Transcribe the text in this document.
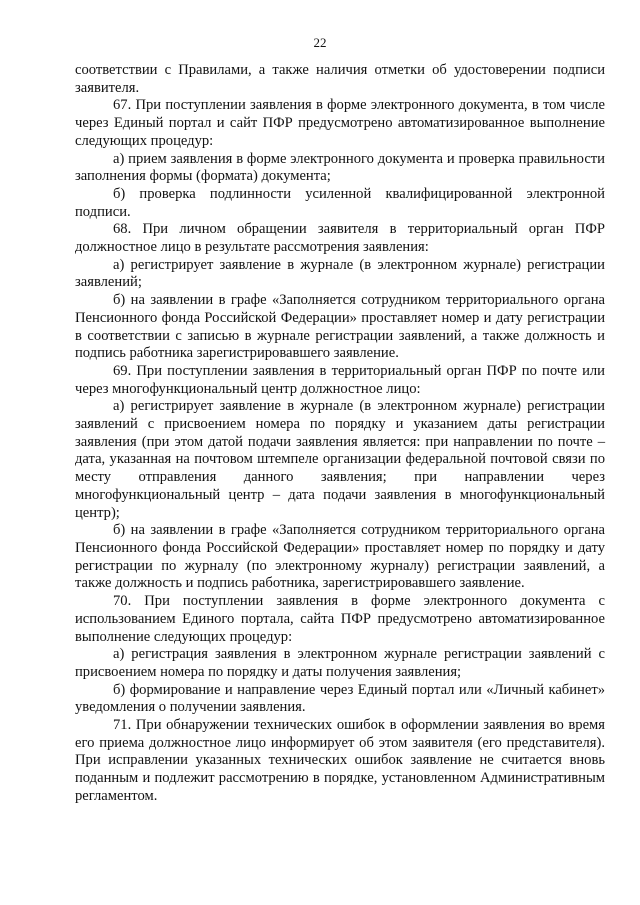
22

соответствии с Правилами, а также наличия отметки об удостоверении подписи заявителя.

67. При поступлении заявления в форме электронного документа, в том числе через Единый портал и сайт ПФР предусмотрено автоматизированное выполнение следующих процедур:

а) прием заявления в форме электронного документа и проверка правильности заполнения формы (формата) документа;

б) проверка подлинности усиленной квалифицированной электронной подписи.

68. При личном обращении заявителя в территориальный орган ПФР должностное лицо в результате рассмотрения заявления:

а) регистрирует заявление в журнале (в электронном журнале) регистрации заявлений;

б) на заявлении в графе «Заполняется сотрудником территориального органа Пенсионного фонда Российской Федерации» проставляет номер и дату регистрации в соответствии с записью в журнале регистрации заявлений, а также должность и подпись работника зарегистрировавшего заявление.

69. При поступлении заявления в территориальный орган ПФР по почте или через многофункциональный центр должностное лицо:

а) регистрирует заявление в журнале (в электронном журнале) регистрации заявлений с присвоением номера по порядку и указанием даты регистрации заявления (при этом датой подачи заявления является: при направлении по почте – дата, указанная на почтовом штемпеле организации федеральной почтовой связи по месту отправления данного заявления; при направлении через многофункциональный центр – дата подачи заявления в многофункциональный центр);

б) на заявлении в графе «Заполняется сотрудником территориального органа Пенсионного фонда Российской Федерации» проставляет номер по порядку и дату регистрации по журналу (по электронному журналу) регистрации заявлений, а также должность и подпись работника, зарегистрировавшего заявление.

70. При поступлении заявления в форме электронного документа с использованием Единого портала, сайта ПФР предусмотрено автоматизированное выполнение следующих процедур:

а) регистрация заявления в электронном журнале регистрации заявлений с присвоением номера по порядку и даты получения заявления;

б) формирование и направление через Единый портал или «Личный кабинет» уведомления о получении заявления.

71. При обнаружении технических ошибок в оформлении заявления во время его приема должностное лицо информирует об этом заявителя (его представителя). При исправлении указанных технических ошибок заявление не считается вновь поданным и подлежит рассмотрению в порядке, установленном Административным регламентом.
